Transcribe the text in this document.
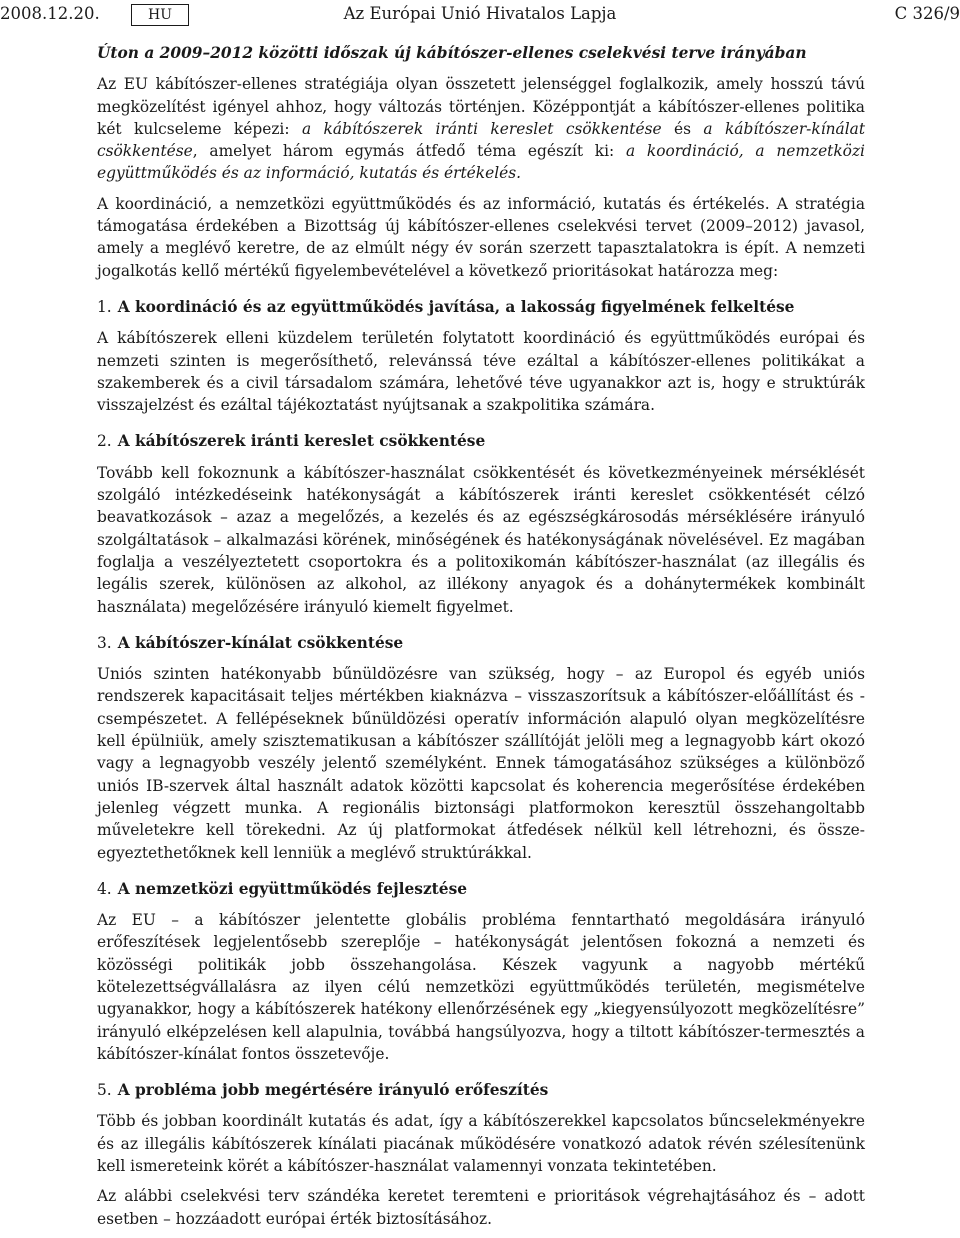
2008.12.20.	HU	Az Európai Unió Hivatalos Lapja	C 326/9

Úton a 2009–2012 közötti időszak új kábítószer-ellenes cselekvési terve irányában

Az EU kábítószer-ellenes stratégiája olyan összetett jelenséggel foglalkozik, amely hosszú távú megközelítést igényel ahhoz, hogy változás történjen. Középpontját a kábítószer-ellenes politika két kulcseleme képezi: a kábítószerek iránti kereslet csökkentése és a kábítószer-kínálat csökkentése, amelyet három egymás átfedő téma egészít ki: a koordináció, a nemzetközi együttműködés és az információ, kutatás és értékelés.

A koordináció, a nemzetközi együttműködés és az információ, kutatás és értékelés. A stratégia támogatása érdekében a Bizottság új kábítószer-ellenes cselekvési tervet (2009–2012) javasol, amely a meglévő keretre, de az elmúlt négy év során szerzett tapasztalatokra is épít. A nemzeti jogalkotás kellő mértékű figyelembevételével a következő prioritásokat határozza meg:

1. A koordináció és az együttműködés javítása, a lakosság figyelmének felkeltése

A kábítószerek elleni küzdelem területén folytatott koordináció és együttműködés európai és nemzeti szinten is megerősíthető, relevánssá téve ezáltal a kábítószer-ellenes politikákat a szakemberek és a civil társadalom számára, lehetővé téve ugyanakkor azt is, hogy e struktúrák visszajelzést és ezáltal tájékoztatást nyújtsanak a szakpolitika számára.

2. A kábítószerek iránti kereslet csökkentése

Tovább kell fokoznunk a kábítószer-használat csökkentését és következményeinek mérséklését szolgáló intézkedéseink hatékonyságát a kábítószerek iránti kereslet csökkentését célzó beavatkozások – azaz a megelőzés, a kezelés és az egészségkárosodás mérséklésére irányuló szolgáltatások – alkalmazási körének, minőségének és hatékonyságának növelésével. Ez magában foglalja a veszélyeztetett csoportokra és a politoxikomán kábítószer-használat (az illegális és legális szerek, különösen az alkohol, az illékony anyagok és a dohánytermékek kombinált használata) megelőzésére irányuló kiemelt figyelmet.

3. A kábítószer-kínálat csökkentése

Uniós szinten hatékonyabb bűnüldözésre van szükség, hogy – az Europol és egyéb uniós rendszerek kapacitásait teljes mértékben kiaknázva – visszaszorítsuk a kábítószer-előállítást és -csempészetet. A fellépéseknek bűnüldözési operatív információn alapuló olyan megközelítésre kell épülniük, amely szisztematikusan a kábítószer szállítóját jelöli meg a legnagyobb kárt okozó vagy a legnagyobb veszély jelentő személyként. Ennek támogatásához szükséges a különböző uniós IB-szervek által használt adatok közötti kapcsolat és koherencia megerősítése érdekében jelenleg végzett munka. A regionális biztonsági platformokon keresztül összehangoltabb műveletekre kell törekedni. Az új platformokat átfedések nélkül kell létrehozni, és összeegyeztethetőknek kell lenniük a meglévő struktúrákkal.

4. A nemzetközi együttműködés fejlesztése

Az EU – a kábítószer jelentette globális probléma fenntartható megoldására irányuló erőfeszítések legjelentősebb szereplője – hatékonyságát jelentősen fokozná a nemzeti és közösségi politikák jobb összehangolása. Készek vagyunk a nagyobb mértékű kötelezettségvállalásra az ilyen célú nemzetközi együttműködés területén, megismételve ugyanakkor, hogy a kábítószerek hatékony ellenőrzésének egy „kiegyensúlyozott megközelítésre” irányuló elképzelésen kell alapulnia, továbbá hangsúlyozva, hogy a tiltott kábítószer-termesztés a kábítószer-kínálat fontos összetevője.

5. A probléma jobb megértésére irányuló erőfeszítés

Több és jobban koordinált kutatás és adat, így a kábítószerekkel kapcsolatos bűncselekményekre és az illegális kábítószerek kínálati piacának működésére vonatkozó adatok révén szélesítenünk kell ismereteink körét a kábítószer-használat valamennyi vonzata tekintetében.

Az alábbi cselekvési terv szándéka keretet teremteni e prioritások végrehajtásához és – adott esetben – hozzáadott európai érték biztosításához.
